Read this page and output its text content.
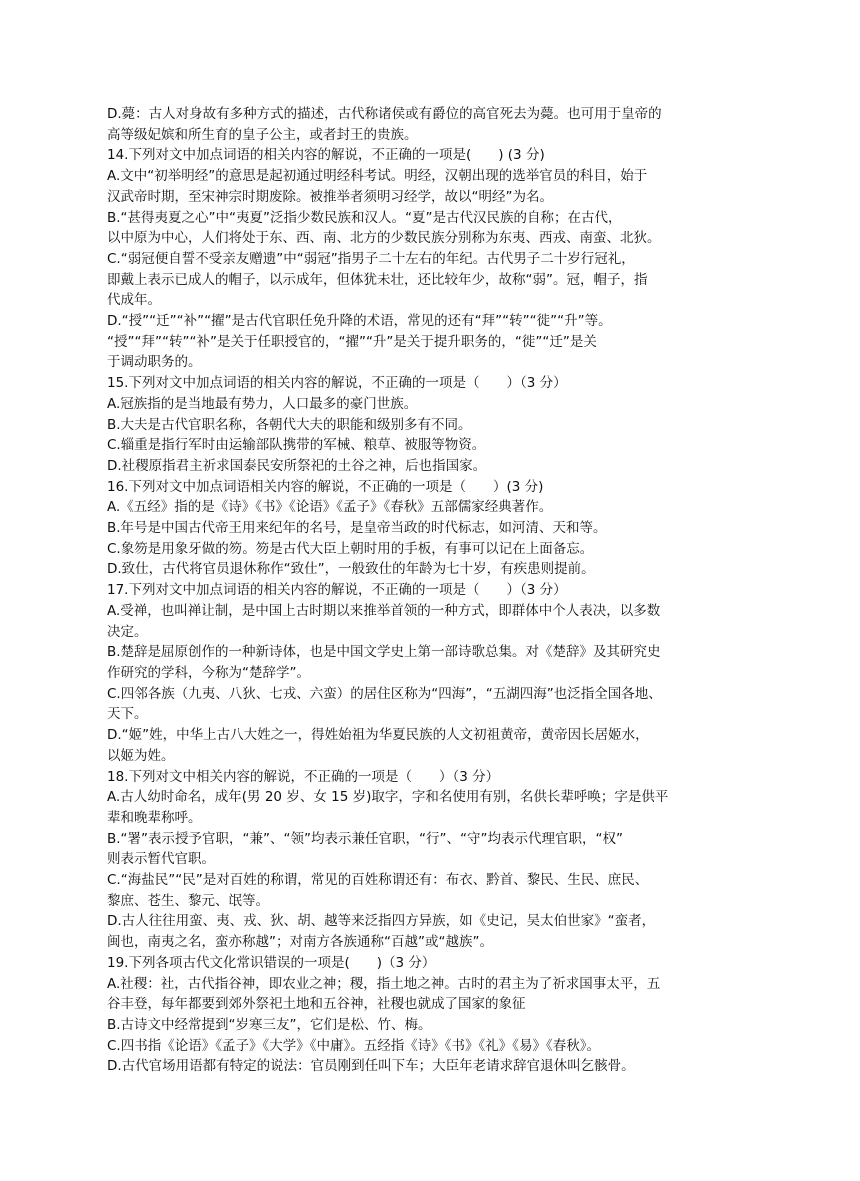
D.薨：古人对身故有多种方式的描述，古代称诸侯或有爵位的高官死去为薨。也可用于皇帝的
高等级妃嫔和所生育的皇子公主，或者封王的贵族。
14.下列对文中加点词语的相关内容的解说，不正确的一项是(　　) (3 分)
A.文中“初举明经”的意思是起初通过明经科考试。明经，汉朝出现的选举官员的科目，始于
汉武帝时期，至宋神宗时期废除。被推举者须明习经学，故以“明经”为名。
B.“甚得夷夏之心”中“夷夏”泛指少数民族和汉人。“夏”是古代汉民族的自称；在古代，
以中原为中心，人们将处于东、西、南、北方的少数民族分别称为东夷、西戎、南蛮、北狄。
C.“弱冠便自誓不受亲友赠遗”中“弱冠”指男子二十左右的年纪。古代男子二十岁行冠礼，
即戴上表示已成人的帽子，以示成年，但体犹未壮，还比较年少，故称“弱”。冠，帽子，指
代成年。
D.“授”“迁”“补”“擢”是古代官职任免升降的术语，常见的还有“拜”“转”“徙”“升”等。
“授”“拜”“转”“补”是关于任职授官的，“擢”“升”是关于提升职务的，“徙”“迁”是关
于调动职务的。
15.下列对文中加点词语的相关内容的解说，不正确的一项是（　　）（3 分）
A.冠族指的是当地最有势力，人口最多的豪门世族。
B.大夫是古代官职名称，各朝代大夫的职能和级别多有不同。
C.辎重是指行军时由运输部队携带的军械、粮草、被服等物资。
D.社稷原指君主祈求国泰民安所祭祀的土谷之神，后也指国家。
16.下列对文中加点词语相关内容的解说，不正确的一项是（　　）(3 分)
A.《五经》指的是《诗》《书》《论语》《孟子》《春秋》五部儒家经典著作。
B.年号是中国古代帝王用来纪年的名号，是皇帝当政的时代标志，如河清、天和等。
C.象笏是用象牙做的笏。笏是古代大臣上朝时用的手板，有事可以记在上面备忘。
D.致仕，古代将官员退休称作“致仕”，一般致仕的年龄为七十岁，有疾患则提前。
17.下列对文中加点词语的相关内容的解说，不正确的一项是（　　）（3 分）
A.受禅，也叫禅让制，是中国上古时期以来推举首领的一种方式，即群体中个人表决，以多数
决定。
B.楚辞是屈原创作的一种新诗体，也是中国文学史上第一部诗歌总集。对《楚辞》及其研究史
作研究的学科，今称为“楚辞学”。
C.四邻各族（九夷、八狄、七戎、六蛮）的居住区称为“四海”，“五湖四海”也泛指全国各地、
天下。
D.“姬”姓，中华上古八大姓之一，得姓始祖为华夏民族的人文初祖黄帝，黄帝因长居姬水，
以姬为姓。
18.下列对文中相关内容的解说，不正确的一项是（　　）（3 分）
A.古人幼时命名，成年(男 20 岁、女 15 岁)取字，字和名使用有别，名供长辈呼唤；字是供平
辈和晚辈称呼。
B.“署”表示授予官职，“兼”、“领”均表示兼任官职，“行”、“守”均表示代理官职，“权”
则表示暂代官职。
C.“海盐民”“民”是对百姓的称谓，常见的百姓称谓还有：布衣、黔首、黎民、生民、庶民、
黎庶、苍生、黎元、氓等。
D.古人往往用蛮、夷、戎、狄、胡、越等来泛指四方异族，如《史记，吴太伯世家》“蛮者，
闽也，南夷之名，蛮亦称越”；对南方各族通称“百越”或“越族”。
19.下列各项古代文化常识错误的一项是(　　)（3 分）
A.社稷：社，古代指谷神，即农业之神；稷，指土地之神。古时的君主为了祈求国事太平，五
谷丰登，每年都要到郊外祭祀土地和五谷神，社稷也就成了国家的象征
B.古诗文中经常提到“岁寒三友”，它们是松、竹、梅。
C.四书指《论语》《孟子》《大学》《中庸》。五经指《诗》《书》《礼》《易》《春秋》。
D.古代官场用语都有特定的说法：官员刚到任叫下车；大臣年老请求辞官退休叫乞骸骨。
